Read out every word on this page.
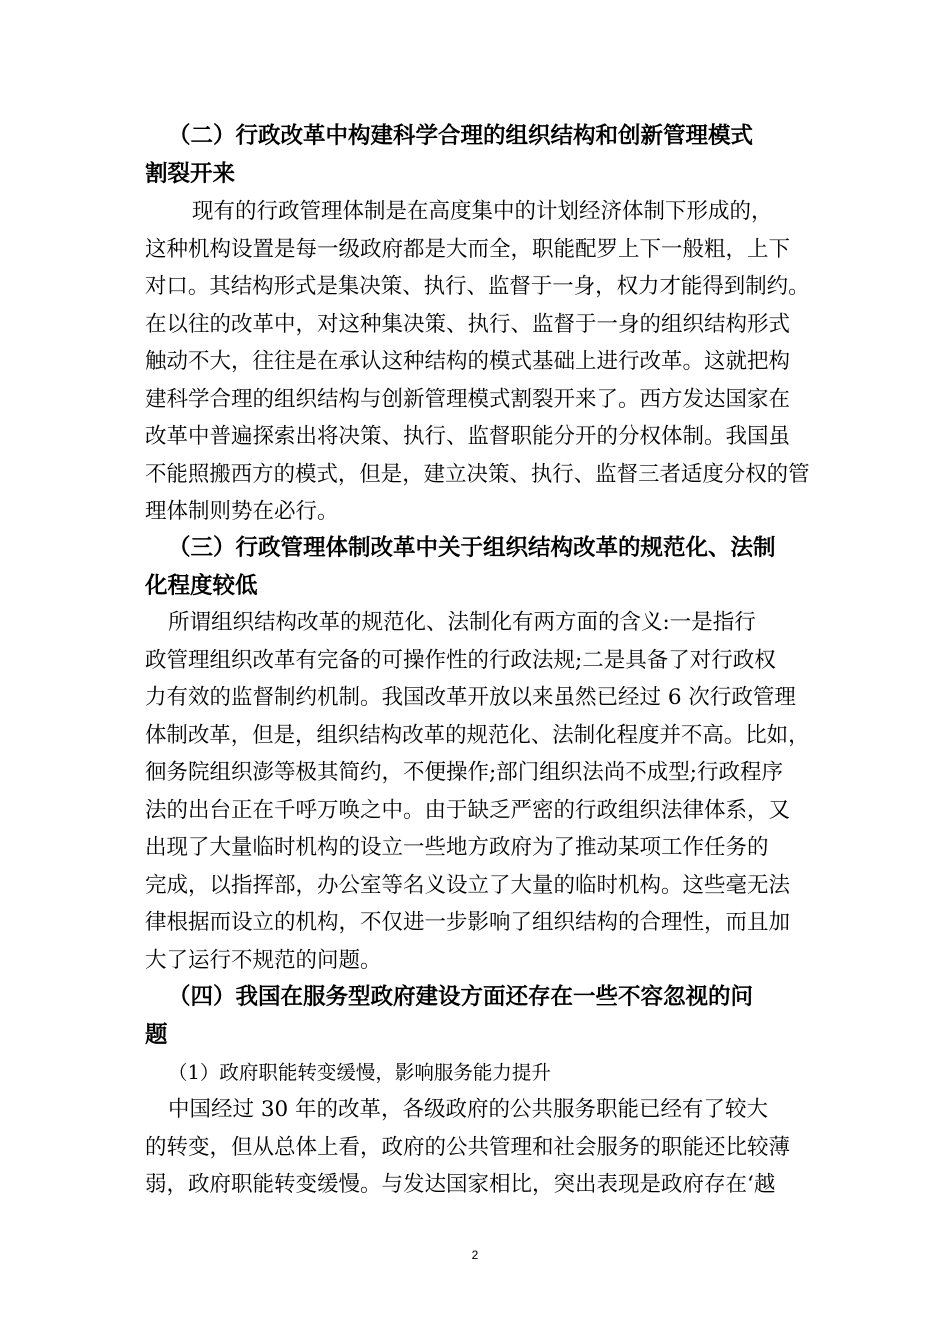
（二）行政改革中构建科学合理的组织结构和创新管理模式
割裂开来
现有的行政管理体制是在高度集中的计划经济体制下形成的，
这种机构设置是每一级政府都是大而全，职能配罗上下一般粗，上下
对口。其结构形式是集决策、执行、监督于一身，权力才能得到制约。
在以往的改革中，对这种集决策、执行、监督于一身的组织结构形式
触动不大，往往是在承认这种结构的模式基础上进行改革。这就把构
建科学合理的组织结构与创新管理模式割裂开来了。西方发达国家在
改革中普遍探索出将决策、执行、监督职能分开的分权体制。我国虽
不能照搬西方的模式，但是，建立决策、执行、监督三者适度分权的管
理体制则势在必行。
（三）行政管理体制改革中关于组织结构改革的规范化、法制
化程度较低
所谓组织结构改革的规范化、法制化有两方面的含义:一是指行
政管理组织改革有完备的可操作性的行政法规;二是具备了对行政权
力有效的监督制约机制。我国改革开放以来虽然已经过 6 次行政管理
体制改革，但是，组织结构改革的规范化、法制化程度并不高。比如，
徊务院组织澎等极其简约，不便操作;部门组织法尚不成型;行政程序
法的出台正在千呼万唤之中。由于缺乏严密的行政组织法律体系，又
出现了大量临时机构的设立一些地方政府为了推动某项工作任务的
完成，以指挥部，办公室等名义设立了大量的临时机构。这些毫无法
律根据而设立的机构，不仅进一步影响了组织结构的合理性，而且加
大了运行不规范的问题。
（四）我国在服务型政府建设方面还存在一些不容忽视的问
题
（1）政府职能转变缓慢，影响服务能力提升
中国经过 30 年的改革，各级政府的公共服务职能已经有了较大
的转变，但从总体上看，政府的公共管理和社会服务的职能还比较薄
弱，政府职能转变缓慢。与发达国家相比，突出表现是政府存在‘越
2
